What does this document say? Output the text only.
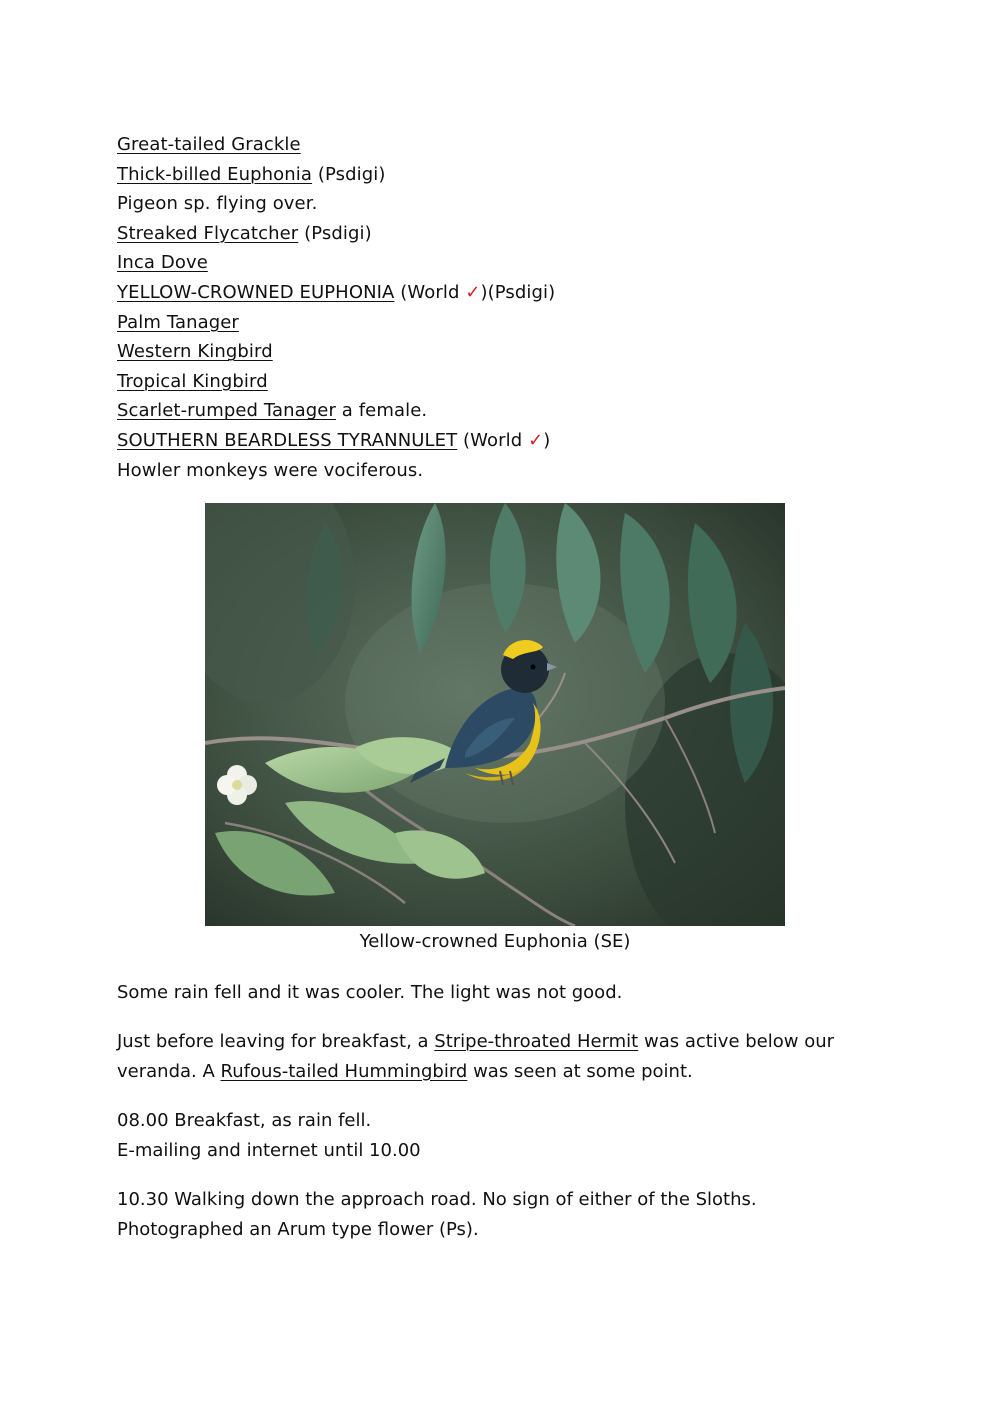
Great-tailed Grackle
Thick-billed Euphonia (Psdigi)
Pigeon sp. flying over.
Streaked Flycatcher (Psdigi)
Inca Dove
YELLOW-CROWNED EUPHONIA (World ✓)(Psdigi)
Palm Tanager
Western Kingbird
Tropical Kingbird
Scarlet-rumped Tanager a female.
SOUTHERN BEARDLESS TYRANNULET (World ✓)
Howler monkeys were vociferous.
Yellow-crowned Euphonia (SE)

Some rain fell and it was cooler. The light was not good.

Just before leaving for breakfast, a Stripe-throated Hermit was active below our

veranda. A Rufous-tailed Hummingbird was seen at some point.

08.00 Breakfast, as rain fell.

E-mailing and internet until 10.00

10.30 Walking down the approach road. No sign of either of the Sloths.

Photographed an Arum type flower (Ps).
